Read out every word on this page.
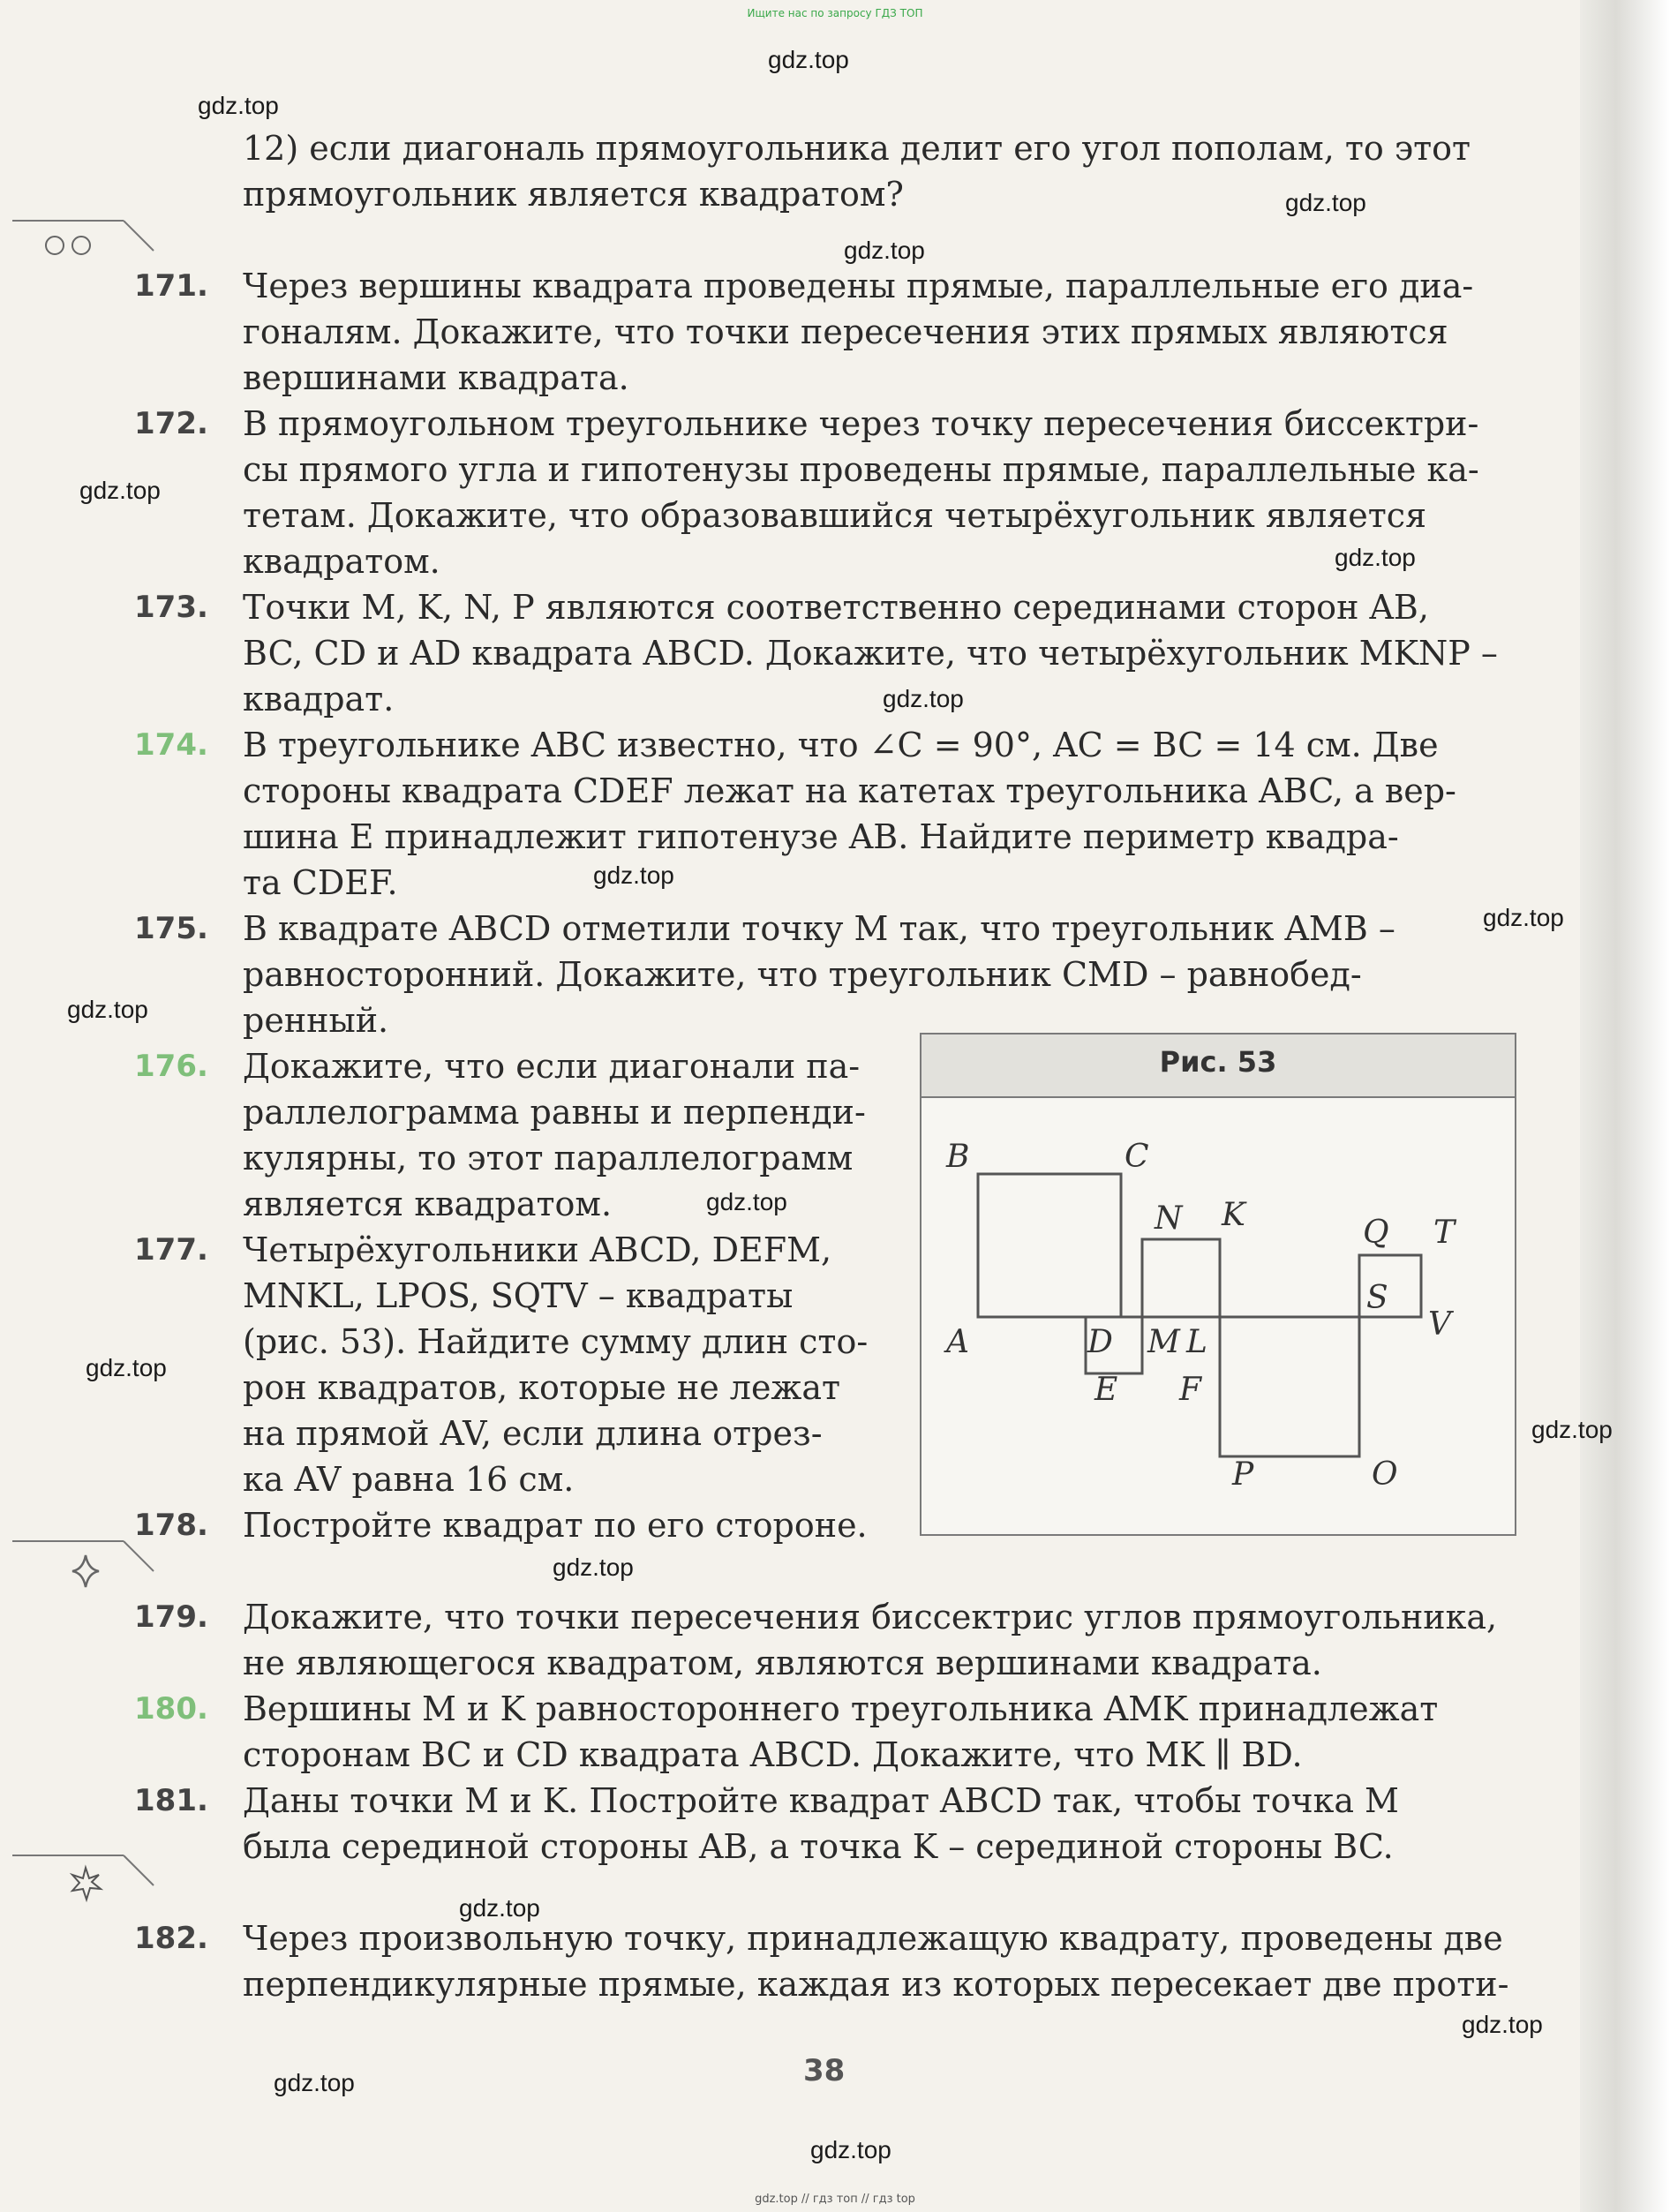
Ищите нас по запросу ГДЗ ТОП
gdz.top
gdz.top
gdz.top
gdz.top
gdz.top
gdz.top
gdz.top
gdz.top
gdz.top
gdz.top
gdz.top
gdz.top
gdz.top
gdz.top
gdz.top
gdz.top
gdz.top
gdz.top
12) если диагональ прямоугольника делит его угол пополам, то этот
прямоугольник является квадратом?
171. Через вершины квадрата проведены прямые, параллельные его диа-
гоналям. Докажите, что точки пересечения этих прямых являются
вершинами квадрата.
172. В прямоугольном треугольнике через точку пересечения биссектри-
сы прямого угла и гипотенузы проведены прямые, параллельные ка-
тетам. Докажите, что образовавшийся четырёхугольник является
квадратом.
173. Точки M, K, N, P являются соответственно серединами сторон AB,
BC, CD и AD квадрата ABCD. Докажите, что четырёхугольник MKNP –
квадрат.
174. В треугольнике ABC известно, что ∠C = 90°, AC = BC = 14 см. Две
стороны квадрата CDEF лежат на катетах треугольника ABC, а вер-
шина E принадлежит гипотенузе AB. Найдите периметр квадра-
та CDEF.
175. В квадрате ABCD отметили точку M так, что треугольник AMB –
равносторонний. Докажите, что треугольник CMD – равнобед-
ренный.
176. Докажите, что если диагонали па-
раллелограмма равны и перпенди-
кулярны, то этот параллелограмм
является квадратом.
177. Четырёхугольники ABCD, DEFM,
MNKL, LPOS, SQTV – квадраты
(рис. 53). Найдите сумму длин сто-
рон квадратов, которые не лежат
на прямой AV, если длина отрез-
ка AV равна 16 см.
178. Постройте квадрат по его стороне.
179. Докажите, что точки пересечения биссектрис углов прямоугольника,
не являющегося квадратом, являются вершинами квадрата.
180. Вершины M и K равностороннего треугольника AMK принадлежат
сторонам BC и CD квадрата ABCD. Докажите, что MK ∥ BD.
181. Даны точки M и K. Постройте квадрат ABCD так, чтобы точка M
была серединой стороны AB, а точка K – серединой стороны BC.
182. Через произвольную точку, принадлежащую квадрату, проведены две
перпендикулярные прямые, каждая из которых пересекает две проти-
Рис. 53
B	C
N K	Q T
A	D M L
S
V
E F
P	O
38
gdz.top // гдз топ // гдз top
